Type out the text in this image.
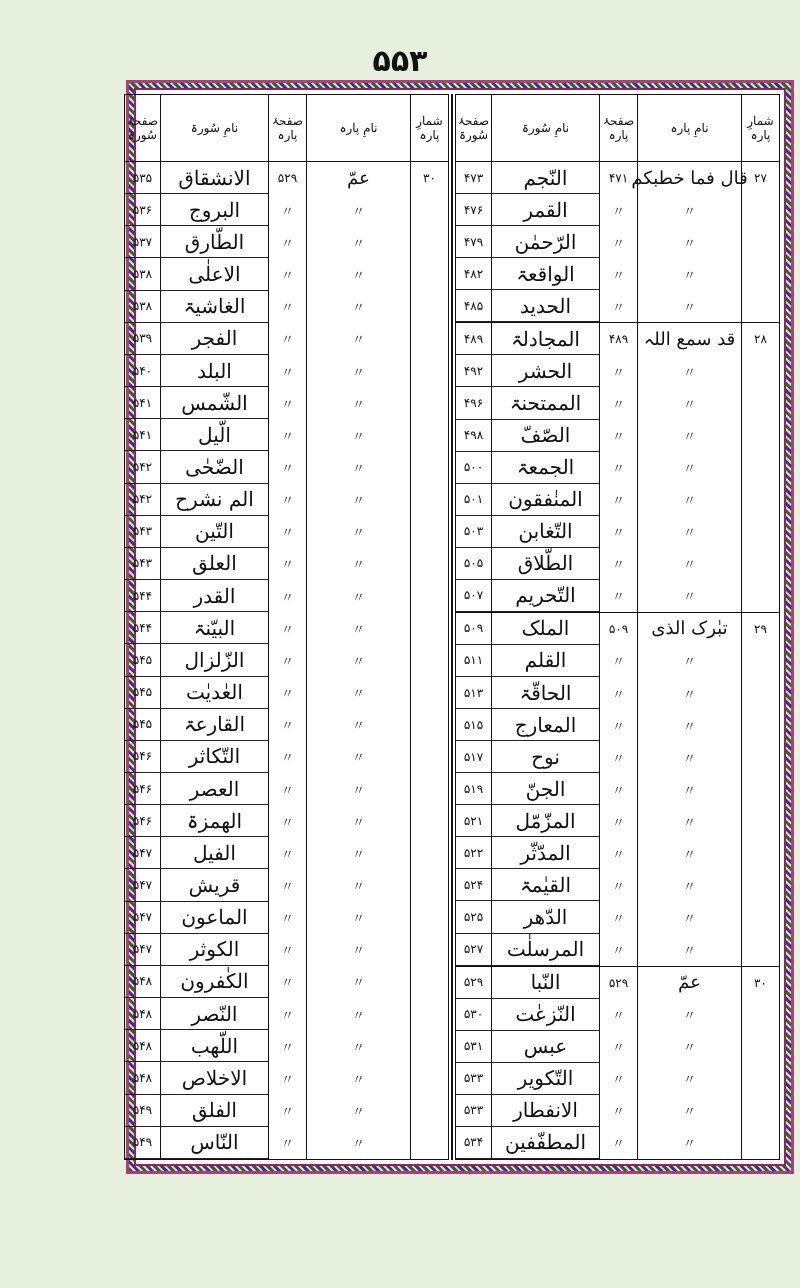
۵۵۳
شمارِ پارہ
نامِ پارہ
صفحۂ پارہ
نامِ سُورۃ
صفحۂ سُورۃ
۲۷
قال فما خطبکم
۴۷۱
النّجم
۴۷۳
〃
〃
القمر
۴۷۶
〃
〃
الرّحمٰن
۴۷۹
〃
〃
الواقعۃ
۴۸۲
〃
〃
الحدید
۴۸۵
۲۸
قد سمع اللہ
۴۸۹
المجادلۃ
۴۸۹
〃
〃
الحشر
۴۹۲
〃
〃
الممتحنۃ
۴۹۶
〃
〃
الصّفّ
۴۹۸
〃
〃
الجمعۃ
۵۰۰
〃
〃
المنٰفقون
۵۰۱
〃
〃
التّغابن
۵۰۳
〃
〃
الطّلاق
۵۰۵
〃
〃
التّحریم
۵۰۷
۲۹
تبٰرک الذی
۵۰۹
الملک
۵۰۹
〃
〃
القلم
۵۱۱
〃
〃
الحاقّۃ
۵۱۳
〃
〃
المعارج
۵۱۵
〃
〃
نوح
۵۱۷
〃
〃
الجنّ
۵۱۹
〃
〃
المزّمّل
۵۲۱
〃
〃
المدّثّر
۵۲۲
〃
〃
القیٰمۃ
۵۲۴
〃
〃
الدّھر
۵۲۵
〃
〃
المرسلٰت
۵۲۷
۳۰
عمّ
۵۲۹
النّبا
۵۲۹
〃
〃
النّزعٰت
۵۳۰
〃
〃
عبس
۵۳۱
〃
〃
التّکویر
۵۳۳
〃
〃
الانفطار
۵۳۳
〃
〃
المطفّفین
۵۳۴
شمارِ پارہ
نامِ پارہ
صفحۂ پارہ
نامِ سُورۃ
صفحۂ سُورۃ
۳۰
عمّ
۵۲۹
الانشقاق
۵۳۵
〃
〃
البروج
۵۳۶
〃
〃
الطّارق
۵۳۷
〃
〃
الاعلٰی
۵۳۸
〃
〃
الغاشیۃ
۵۳۸
〃
〃
الفجر
۵۳۹
〃
〃
البلد
۵۴۰
〃
〃
الشّمس
۵۴۱
〃
〃
الّیل
۵۴۱
〃
〃
الضّحٰی
۵۴۲
〃
〃
الم نشرح
۵۴۲
〃
〃
التّین
۵۴۳
〃
〃
العلق
۵۴۳
〃
〃
القدر
۵۴۴
〃
〃
البیّنۃ
۵۴۴
〃
〃
الزّلزال
۵۴۵
〃
〃
العٰدیٰت
۵۴۵
〃
〃
القارعۃ
۵۴۵
〃
〃
التّکاثر
۵۴۶
〃
〃
العصر
۵۴۶
〃
〃
الھمزۃ
۵۴۶
〃
〃
الفیل
۵۴۷
〃
〃
قریش
۵۴۷
〃
〃
الماعون
۵۴۷
〃
〃
الکوثر
۵۴۷
〃
〃
الکٰفرون
۵۴۸
〃
〃
النّصر
۵۴۸
〃
〃
اللّھب
۵۴۸
〃
〃
الاخلاص
۵۴۸
〃
〃
الفلق
۵۴۹
〃
〃
النّاس
۵۴۹
